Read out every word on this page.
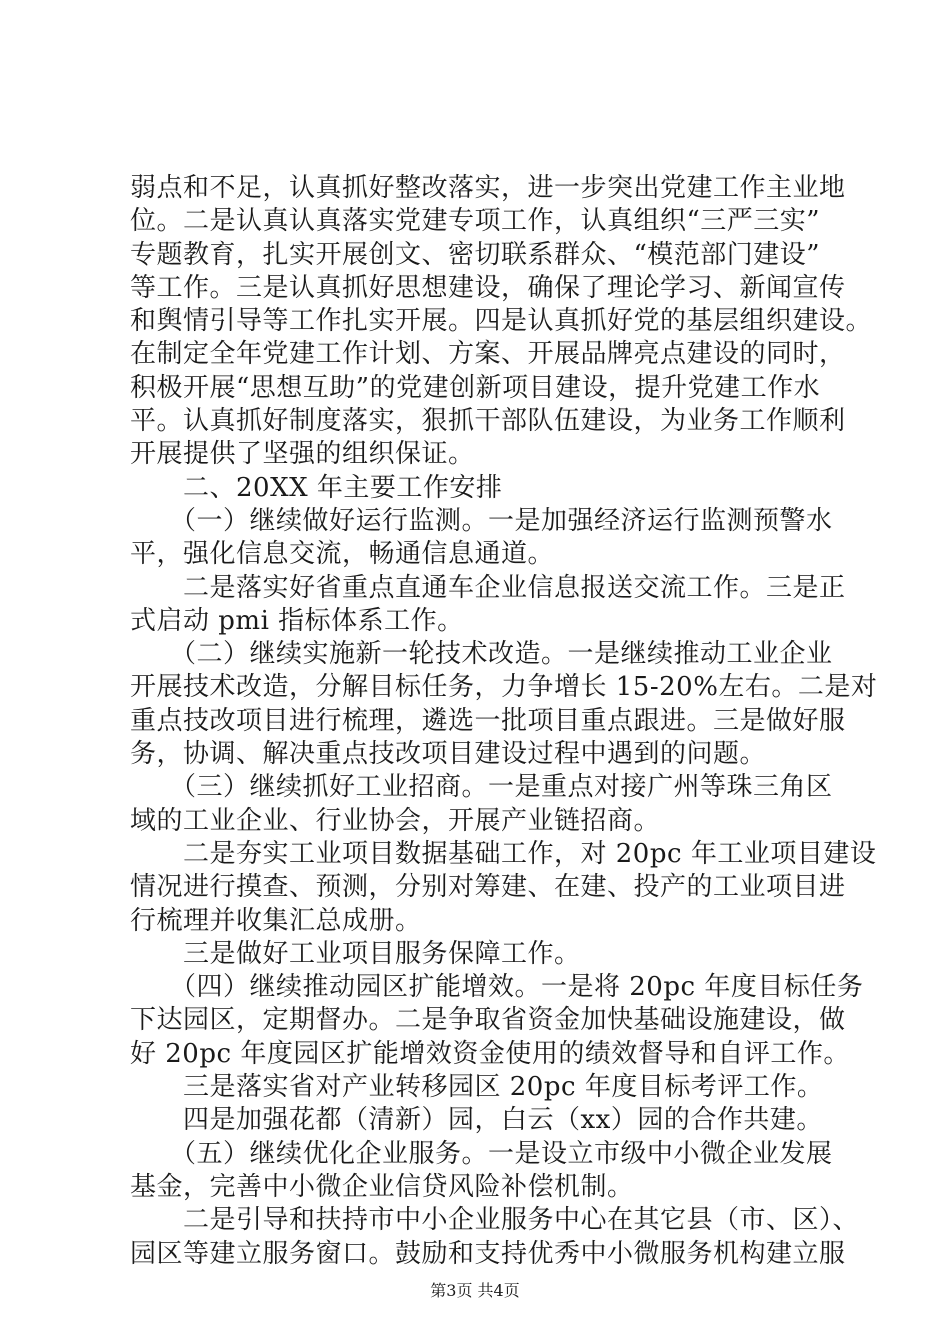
弱点和不足，认真抓好整改落实，进一步突出党建工作主业地
位。二是认真认真落实党建专项工作，认真组织“三严三实”
专题教育，扎实开展创文、密切联系群众、“模范部门建设”
等工作。三是认真抓好思想建设，确保了理论学习、新闻宣传
和舆情引导等工作扎实开展。四是认真抓好党的基层组织建设。
在制定全年党建工作计划、方案、开展品牌亮点建设的同时，
积极开展“思想互助”的党建创新项目建设，提升党建工作水
平。认真抓好制度落实，狠抓干部队伍建设，为业务工作顺利
开展提供了坚强的组织保证。
　　二、20XX 年主要工作安排
　　（一）继续做好运行监测。一是加强经济运行监测预警水
平，强化信息交流，畅通信息通道。
　　二是落实好省重点直通车企业信息报送交流工作。三是正
式启动 pmi 指标体系工作。
　　（二）继续实施新一轮技术改造。一是继续推动工业企业
开展技术改造，分解目标任务，力争增长 15-20%左右。二是对
重点技改项目进行梳理，遴选一批项目重点跟进。三是做好服
务，协调、解决重点技改项目建设过程中遇到的问题。
　　（三）继续抓好工业招商。一是重点对接广州等珠三角区
域的工业企业、行业协会，开展产业链招商。
　　二是夯实工业项目数据基础工作，对 20pc 年工业项目建设
情况进行摸查、预测，分别对筹建、在建、投产的工业项目进
行梳理并收集汇总成册。
　　三是做好工业项目服务保障工作。
　　（四）继续推动园区扩能增效。一是将 20pc 年度目标任务
下达园区，定期督办。二是争取省资金加快基础设施建设，做
好 20pc 年度园区扩能增效资金使用的绩效督导和自评工作。
　　三是落实省对产业转移园区 20pc 年度目标考评工作。
　　四是加强花都（清新）园，白云（xx）园的合作共建。
　　（五）继续优化企业服务。一是设立市级中小微企业发展
基金，完善中小微企业信贷风险补偿机制。
　　二是引导和扶持市中小企业服务中心在其它县（市、区）、
园区等建立服务窗口。鼓励和支持优秀中小微服务机构建立服
第3页 共4页
